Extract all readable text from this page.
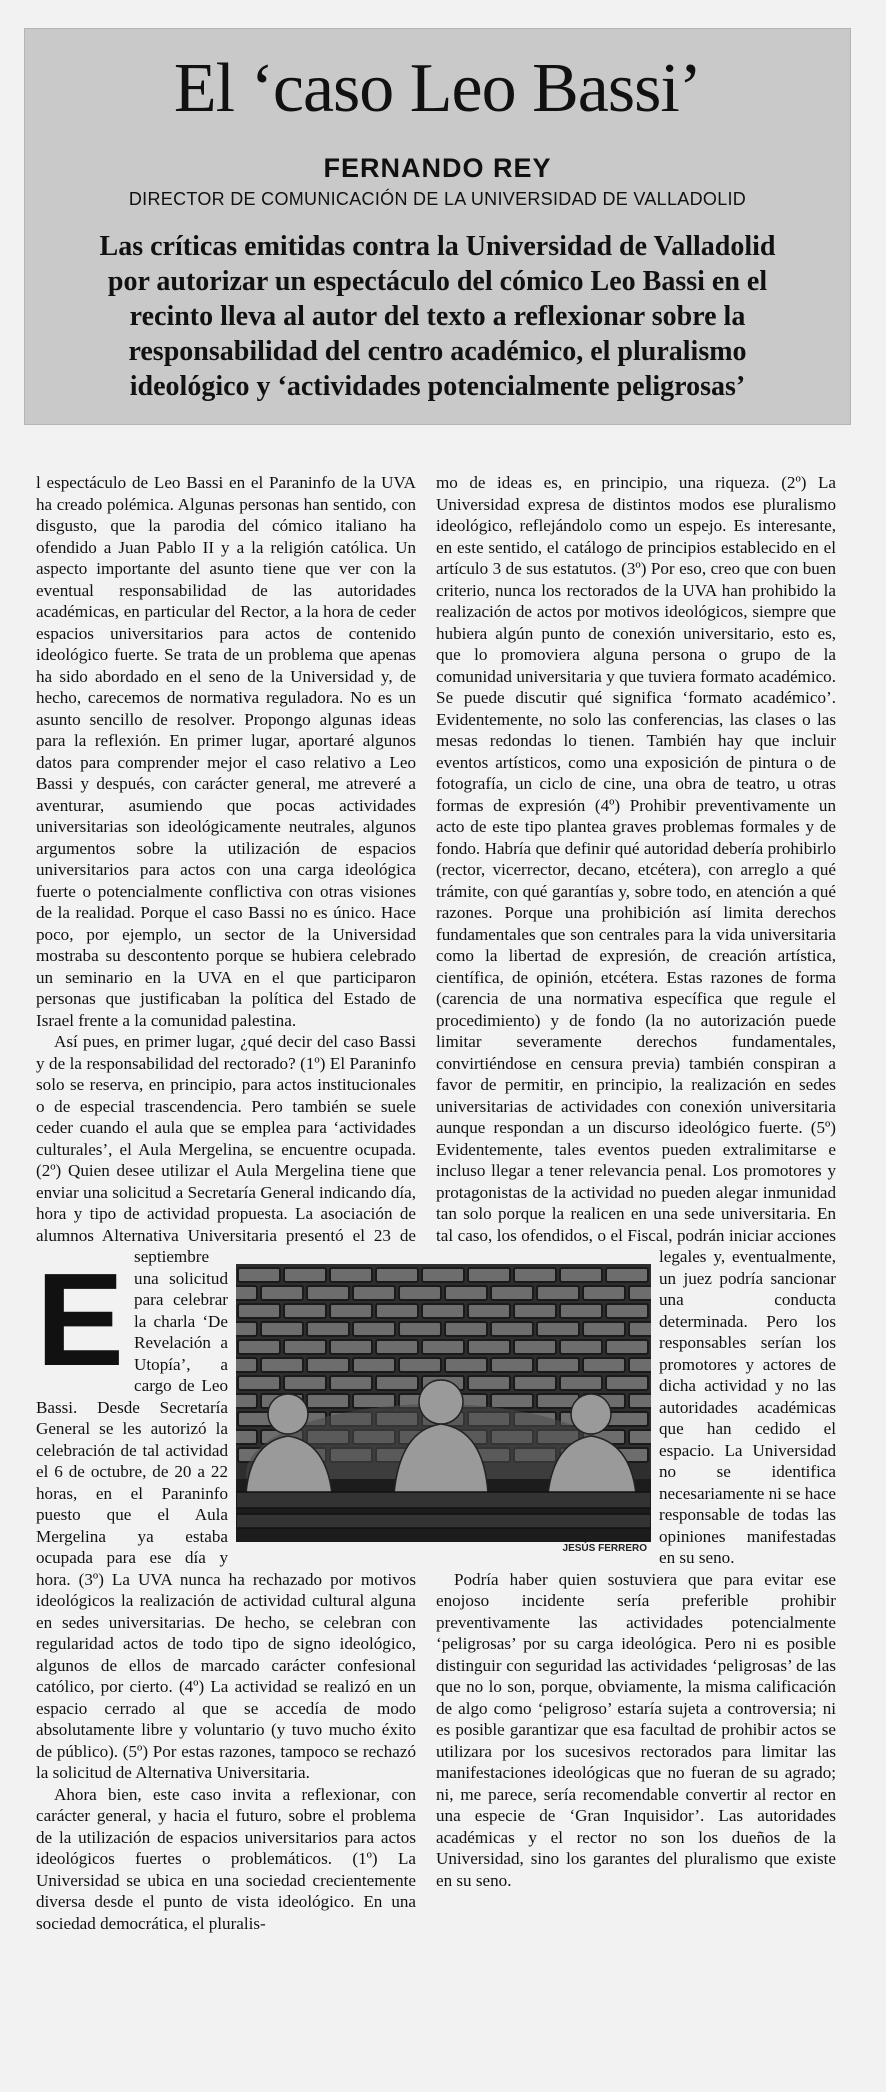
El ‘caso Leo Bassi’
FERNANDO REY
DIRECTOR DE COMUNICACIÓN DE LA UNIVERSIDAD DE VALLADOLID

Las críticas emitidas contra la Universidad de Valladolid por autorizar un espectáculo del cómico Leo Bassi en el recinto lleva al autor del texto a reflexionar sobre la responsabilidad del centro académico, el pluralismo ideológico y ‘actividades potencialmente peligrosas’

E
l espectáculo de Leo Bassi en el Paraninfo de la UVA ha creado polémica. Algunas personas han sentido, con disgusto, que la parodia del cómico italiano ha ofendido a Juan Pablo II y a la religión católica. Un aspecto importante del asunto tiene que ver con la eventual responsabilidad de las autoridades académicas, en particular del Rector, a la hora de ceder espacios universitarios para actos de contenido ideológico fuerte. Se trata de un problema que apenas ha sido abordado en el seno de la Universidad y, de hecho, carecemos de normativa reguladora. No es un asunto sencillo de resolver. Propongo algunas ideas para la reflexión. En primer lugar, aportaré algunos datos para comprender mejor el caso relativo a Leo Bassi y después, con carácter general, me atreveré a aventurar, asumiendo que pocas actividades universitarias son ideológicamente neutrales, algunos argumentos sobre la utilización de espacios universitarios para actos con una carga ideológica fuerte o potencialmente conflictiva con otras visiones de la realidad. Porque el caso Bassi no es único. Hace poco, por ejemplo, un sector de la Universidad mostraba su descontento porque se hubiera celebrado un seminario en la UVA en el que participaron personas que justificaban la política del Estado de Israel frente a la comunidad palestina.

Así pues, en primer lugar, ¿qué decir del caso Bassi y de la responsabilidad del rectorado? (1º) El Paraninfo solo se reserva, en principio, para actos institucionales o de especial trascendencia. Pero también se suele ceder cuando el aula que se emplea para ‘actividades culturales’, el Aula Mergelina, se encuentre ocupada. (2º) Quien desee utilizar el Aula Mergelina tiene que enviar una solicitud a Secretaría General indicando día, hora y tipo de actividad propuesta. La asociación de alumnos Alternativa Universitaria presentó el 23 de septiembre una solicitud para celebrar la charla ‘De Revelación a Utopía’, a cargo de Leo Bassi. Desde Secretaría General se les autorizó la celebración de tal actividad el 6 de octubre, de 20 a 22 horas, en el Paraninfo puesto que el Aula Mergelina ya estaba ocupada para ese día y hora. (3º) La UVA nunca ha rechazado por motivos ideológicos la realización de actividad cultural alguna en sedes universitarias. De hecho, se celebran con regularidad actos de todo tipo de signo ideológico, algunos de ellos de marcado carácter confesional católico, por cierto. (4º) La actividad se realizó en un espacio cerrado al que se accedía de modo absolutamente libre y voluntario (y tuvo mucho éxito de público). (5º) Por estas razones, tampoco se rechazó la solicitud de Alternativa Universitaria.

Ahora bien, este caso invita a reflexionar, con carácter general, y hacia el futuro, sobre el problema de la utilización de espacios universitarios para actos ideológicos fuertes o problemáticos. (1º) La Universidad se ubica en una sociedad crecientemente diversa desde el punto de vista ideológico. En una sociedad democrática, el pluralis-

mo de ideas es, en principio, una riqueza. (2º) La Universidad expresa de distintos modos ese pluralismo ideológico, reflejándolo como un espejo. Es interesante, en este sentido, el catálogo de principios establecido en el artículo 3 de sus estatutos. (3º) Por eso, creo que con buen criterio, nunca los rectorados de la UVA han prohibido la realización de actos por motivos ideológicos, siempre que hubiera algún punto de conexión universitario, esto es, que lo promoviera alguna persona o grupo de la comunidad universitaria y que tuviera formato académico. Se puede discutir qué significa ‘formato académico’. Evidentemente, no solo las conferencias, las clases o las mesas redondas lo tienen. También hay que incluir eventos artísticos, como una exposición de pintura o de fotografía, un ciclo de cine, una obra de teatro, u otras formas de expresión (4º) Prohibir preventivamente un acto de este tipo plantea graves problemas formales y de fondo. Habría que definir qué autoridad debería prohibirlo (rector, vicerrector, decano, etcétera), con arreglo a qué trámite, con qué garantías y, sobre todo, en atención a qué razones. Porque una prohibición así limita derechos fundamentales que son centrales para la vida universitaria como la libertad de expresión, de creación artística, científica, de opinión, etcétera. Estas razones de forma (carencia de una normativa específica que regule el procedimiento) y de fondo (la no autorización puede limitar severamente derechos fundamentales, convirtiéndose en censura previa) también conspiran a favor de permitir, en principio, la realización en sedes universitarias de actividades con conexión universitaria aunque respondan a un discurso ideológico fuerte. (5º) Evidentemente, tales eventos pueden extralimitarse e incluso llegar a tener relevancia penal. Los promotores y protagonistas de la actividad no pueden alegar inmunidad tan solo porque la realicen en una sede universitaria. En tal caso, los ofendidos, o el Fiscal, podrán iniciar acciones legales y, eventualmente, un juez podría sancionar una conducta determinada. Pero los responsables serían los promotores y actores de dicha actividad y no las autoridades académicas que han cedido el espacio. La Universidad no se identifica necesariamente ni se hace responsable de todas las opiniones manifestadas en su seno.

Podría haber quien sostuviera que para evitar ese enojoso incidente sería preferible prohibir preventivamente las actividades potencialmente ‘peligrosas’ por su carga ideológica. Pero ni es posible distinguir con seguridad las actividades ‘peligrosas’ de las que no lo son, porque, obviamente, la misma calificación de algo como ‘peligroso’ estaría sujeta a controversia; ni es posible garantizar que esa facultad de prohibir actos se utilizara por los sucesivos rectorados para limitar las manifestaciones ideológicas que no fueran de su agrado; ni, me parece, sería recomendable convertir al rector en una especie de ‘Gran Inquisidor’. Las autoridades académicas y el rector no son los dueños de la Universidad, sino los garantes del pluralismo que existe en su seno.

JESÚS FERRERO
